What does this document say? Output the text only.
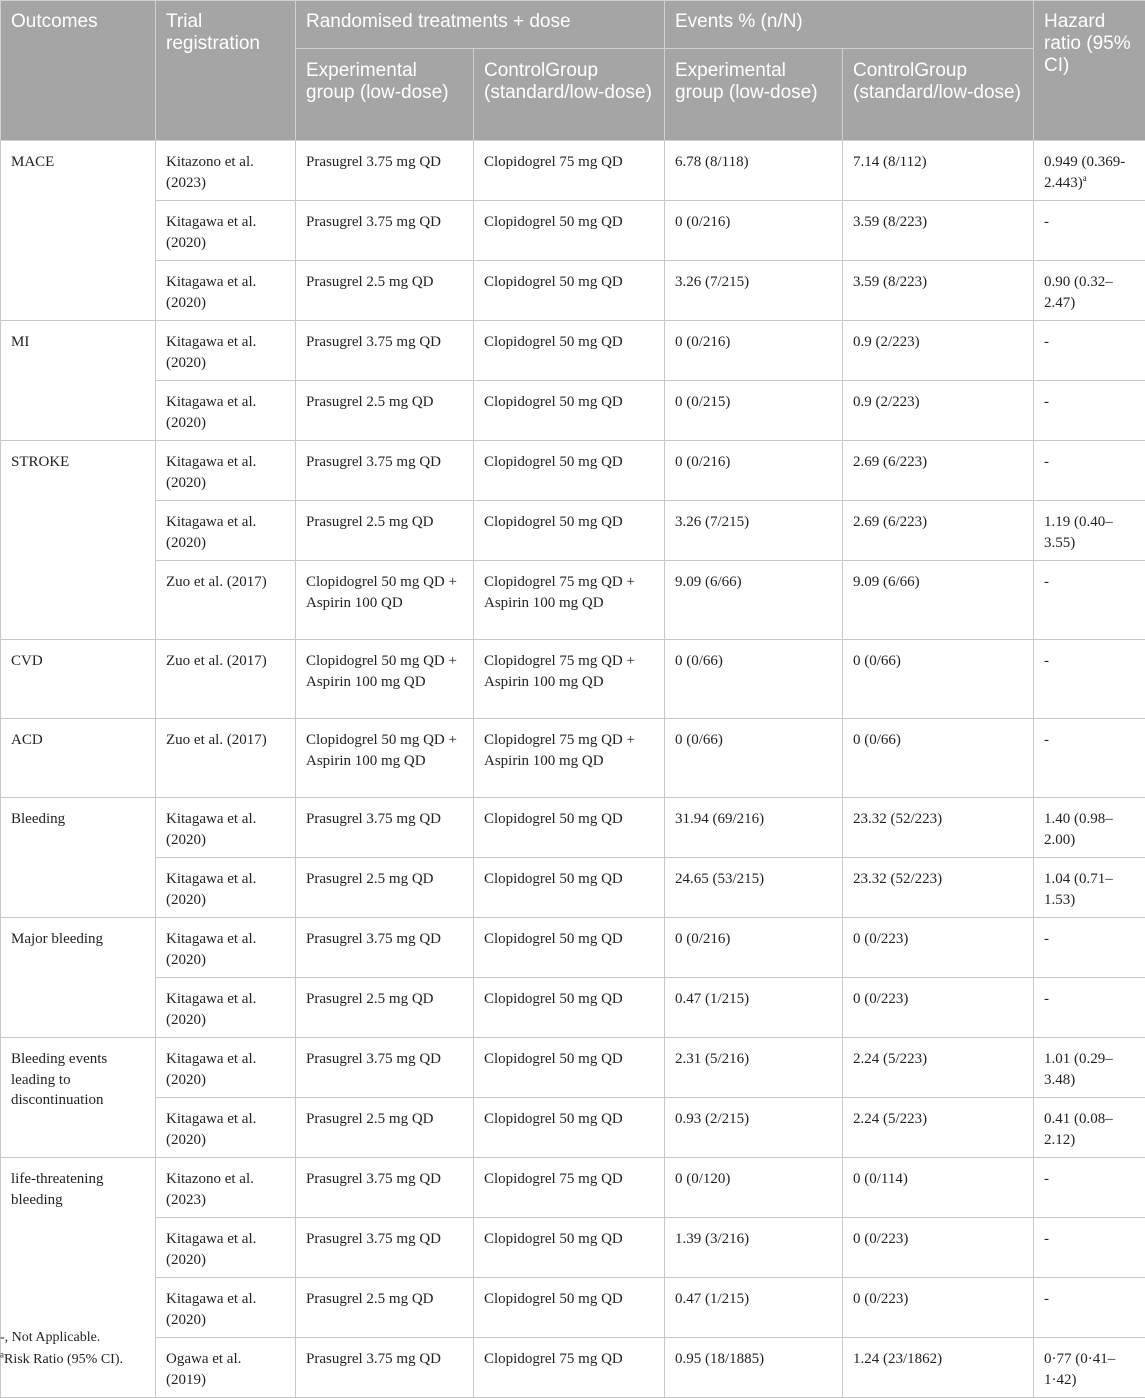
Outcomes	Trial registration	Randomised treatments + dose		Events % (n/N)		Hazard ratio (95% CI)
		Experimental group (low-dose)	ControlGroup (standard/low-dose)	Experimental group (low-dose)	ControlGroup (standard/low-dose)	
MACE	Kitazono et al. (2023)	Prasugrel 3.75 mg QD	Clopidogrel 75 mg QD	6.78 (8/118)	7.14 (8/112)	0.949 $(0.369-2.443)^a$
	Kitagawa et al. (2020)	Prasugrel 3.75 mg QD	Clopidogrel 50 mg QD	0 (0/216)	3.59 (8/223)	-
	Kitagawa et al. (2020)	Prasugrel 2.5 mg QD	Clopidogrel 50 mg QD	3.26 (7/215)	3.59 (8/223)	0.90 (0.32–2.47)
MI	Kitagawa et al. (2020)	Prasugrel 3.75 mg QD	Clopidogrel 50 mg QD	0 (0/216)	0.9 (2/223)	-
	Kitagawa et al. (2020)	Prasugrel 2.5 mg QD	Clopidogrel 50 mg QD	0 (0/215)	0.9 (2/223)	-
STROKE	Kitagawa et al. (2020)	Prasugrel 3.75 mg QD	Clopidogrel 50 mg QD	0 (0/216)	2.69 (6/223)	-
	Kitagawa et al. (2020)	Prasugrel 2.5 mg QD	Clopidogrel 50 mg QD	3.26 (7/215)	2.69 (6/223)	1.19 (0.40–3.55)
	Zuo et al. (2017)	Clopidogrel 50 mg QD + Aspirin 100 QD	Clopidogrel 75 mg QD + Aspirin 100 mg QD	9.09 (6/66)	9.09 (6/66)	-
CVD	Zuo et al. (2017)	Clopidogrel 50 mg QD + Aspirin 100 mg QD	Clopidogrel 75 mg QD + Aspirin 100 mg QD	0 (0/66)	0 (0/66)	-
ACD	Zuo et al. (2017)	Clopidogrel 50 mg QD + Aspirin 100 mg QD	Clopidogrel 75 mg QD + Aspirin 100 mg QD	0 (0/66)	0 (0/66)	-
Bleeding	Kitagawa et al. (2020)	Prasugrel 3.75 mg QD	Clopidogrel 50 mg QD	31.94 (69/216)	23.32 (52/223)	1.40 (0.98–2.00)
	Kitagawa et al. (2020)	Prasugrel 2.5 mg QD	Clopidogrel 50 mg QD	24.65 (53/215)	23.32 (52/223)	1.04 (0.71–1.53)
Major bleeding	Kitagawa et al. (2020)	Prasugrel 3.75 mg QD	Clopidogrel 50 mg QD	0 (0/216)	0 (0/223)	-
	Kitagawa et al. (2020)	Prasugrel 2.5 mg QD	Clopidogrel 50 mg QD	0.47 (1/215)	0 (0/223)	-
Bleeding events leading to discontinuation	Kitagawa et al. (2020)	Prasugrel 3.75 mg QD	Clopidogrel 50 mg QD	2.31 (5/216)	2.24 (5/223)	1.01 (0.29–3.48)
	Kitagawa et al. (2020)	Prasugrel 2.5 mg QD	Clopidogrel 50 mg QD	0.93 (2/215)	2.24 (5/223)	0.41 (0.08–2.12)
life-threatening bleeding	Kitazono et al. (2023)	Prasugrel 3.75 mg QD	Clopidogrel 75 mg QD	0 (0/120)	0 (0/114)	-
	Kitagawa et al. (2020)	Prasugrel 3.75 mg QD	Clopidogrel 50 mg QD	1.39 (3/216)	0 (0/223)	-
	Kitagawa et al. (2020)	Prasugrel 2.5 mg QD	Clopidogrel 50 mg QD	0.47 (1/215)	0 (0/223)	-
	Ogawa et al. (2019)	Prasugrel 3.75 mg QD	Clopidogrel 75 mg QD	0.95 (18/1885)	1.24 (23/1862)	0·77 (0·41–1·42)
-, Not Applicable.
$^a$Risk Ratio (95% CI).
